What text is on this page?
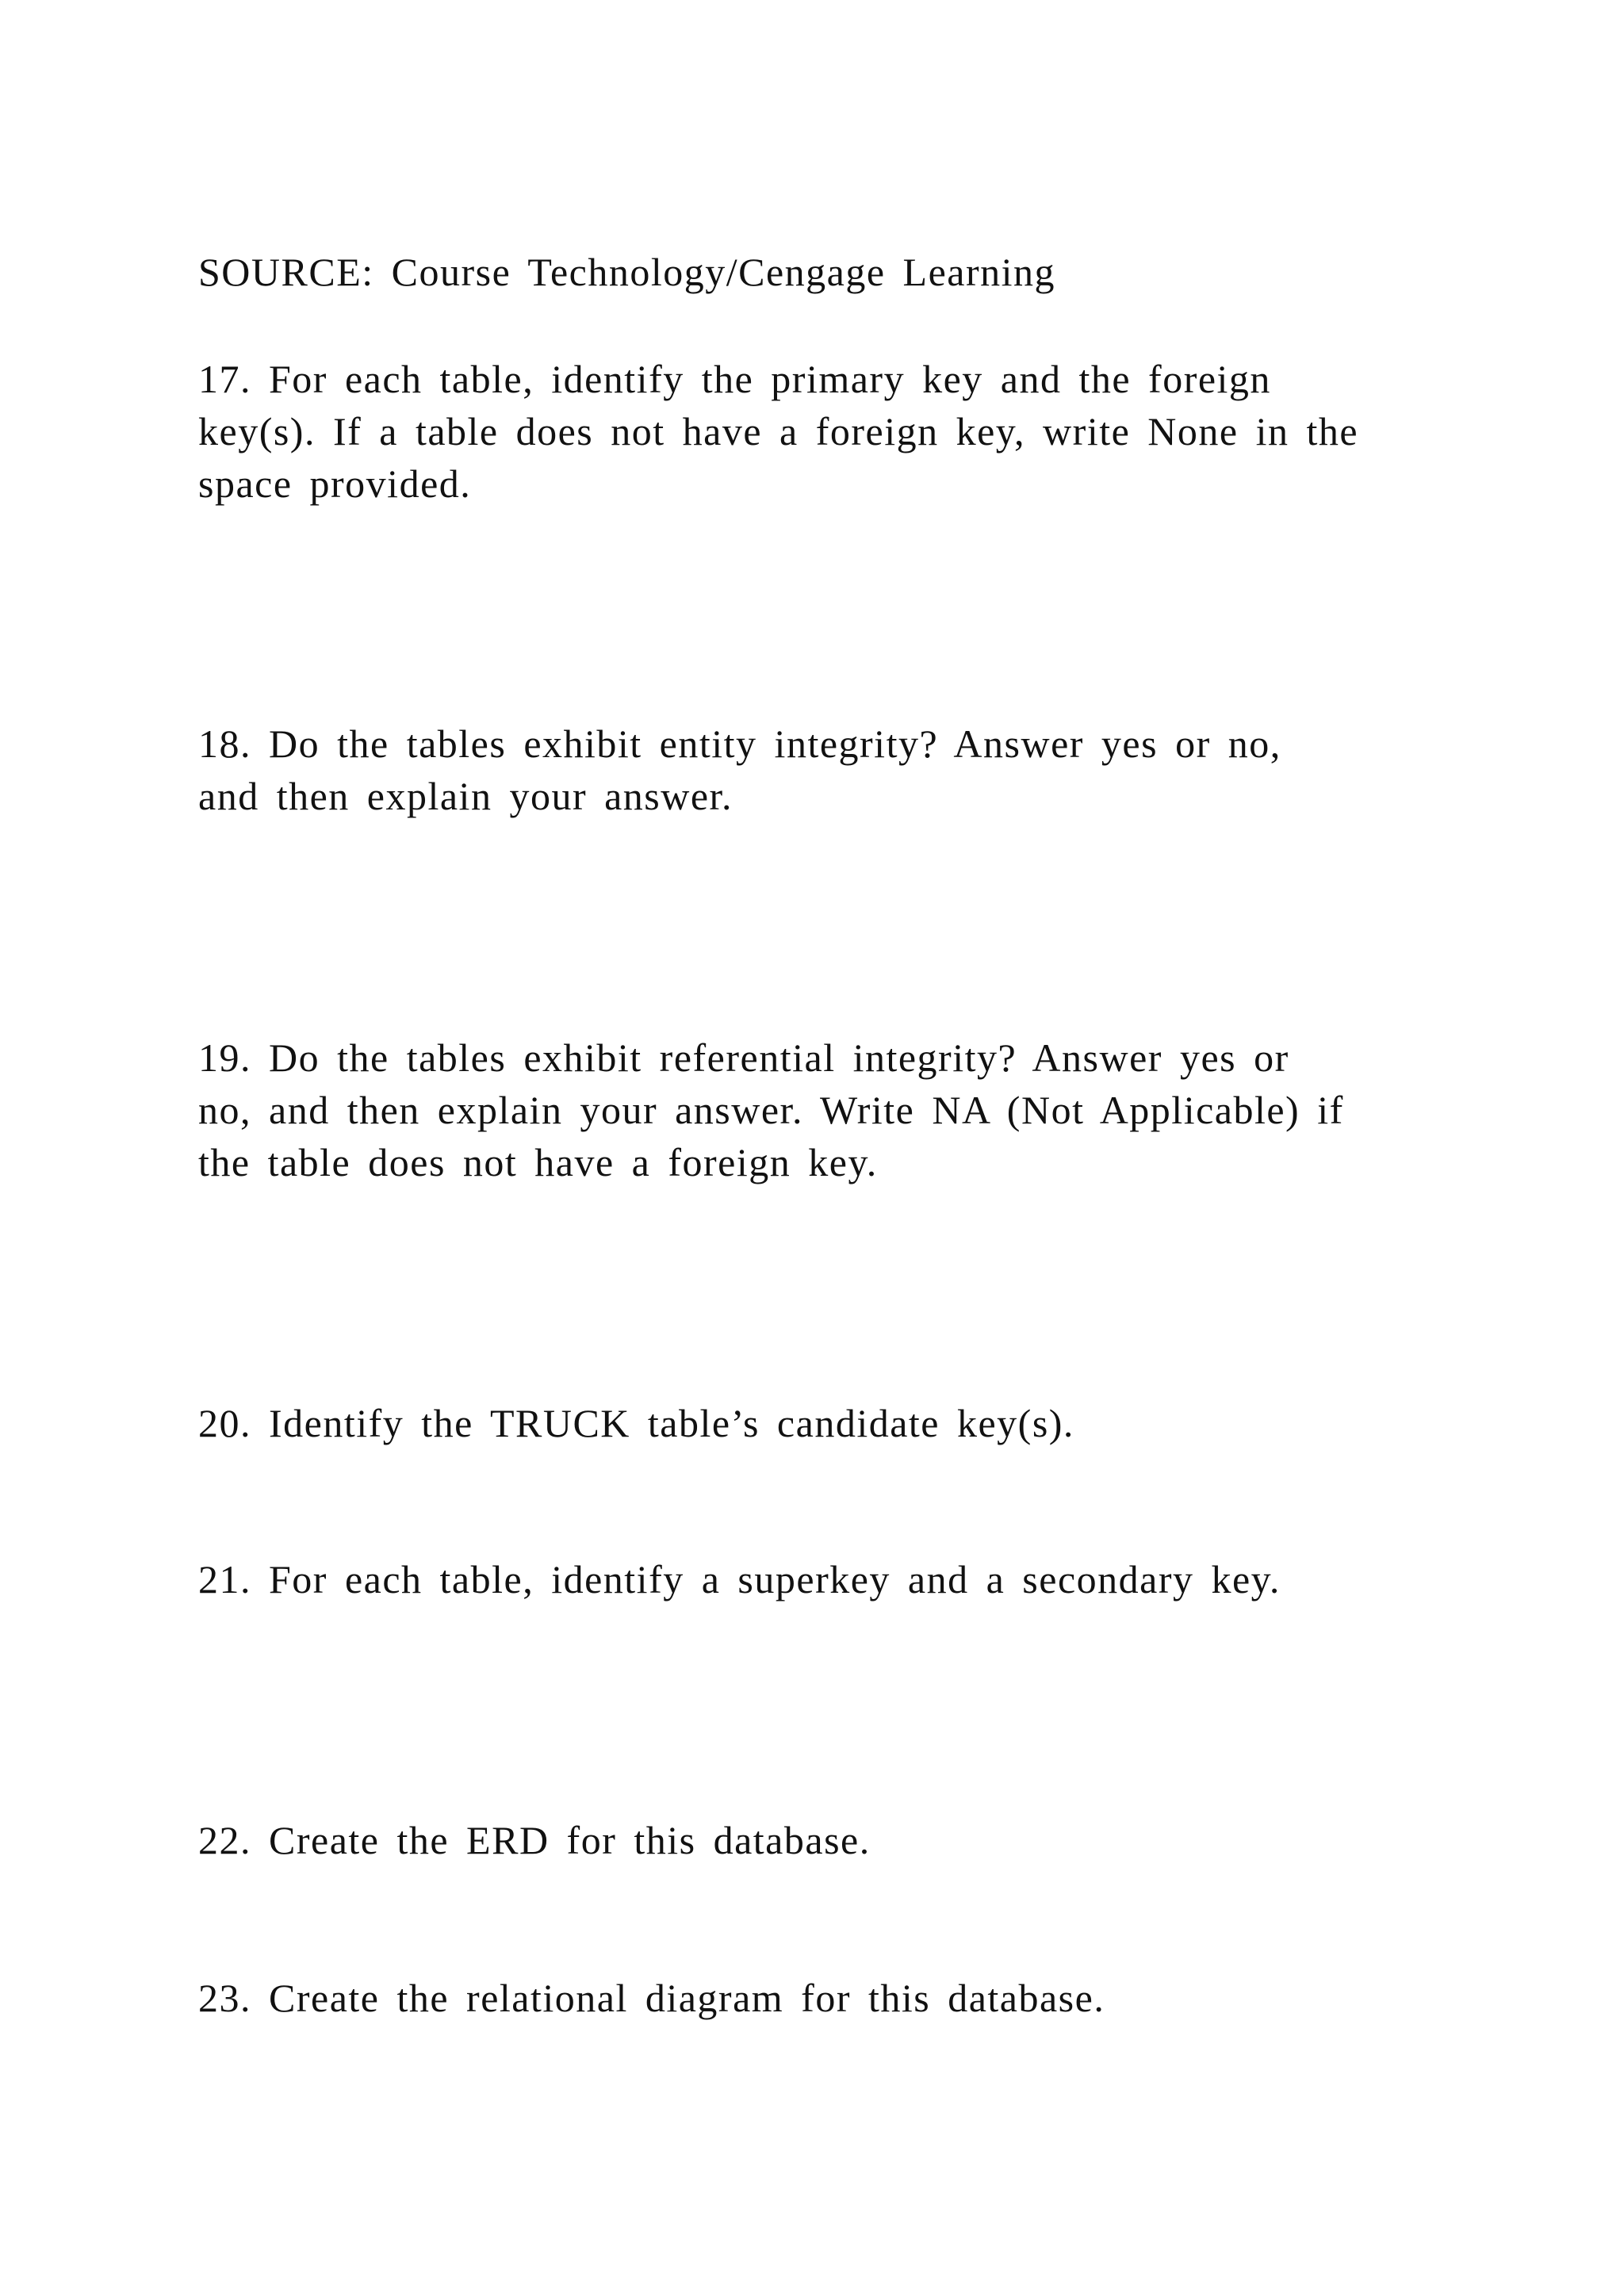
SOURCE: Course Technology/Cengage Learning
17. For each table, identify the primary key and the foreign
key(s). If a table does not have a foreign key, write None in the
space provided.
18. Do the tables exhibit entity integrity? Answer yes or no,
and then explain your answer.
19. Do the tables exhibit referential integrity? Answer yes or
no, and then explain your answer. Write NA (Not Applicable) if
the table does not have a foreign key.
20. Identify the TRUCK table’s candidate key(s).
21. For each table, identify a superkey and a secondary key.
22. Create the ERD for this database.
23. Create the relational diagram for this database.
